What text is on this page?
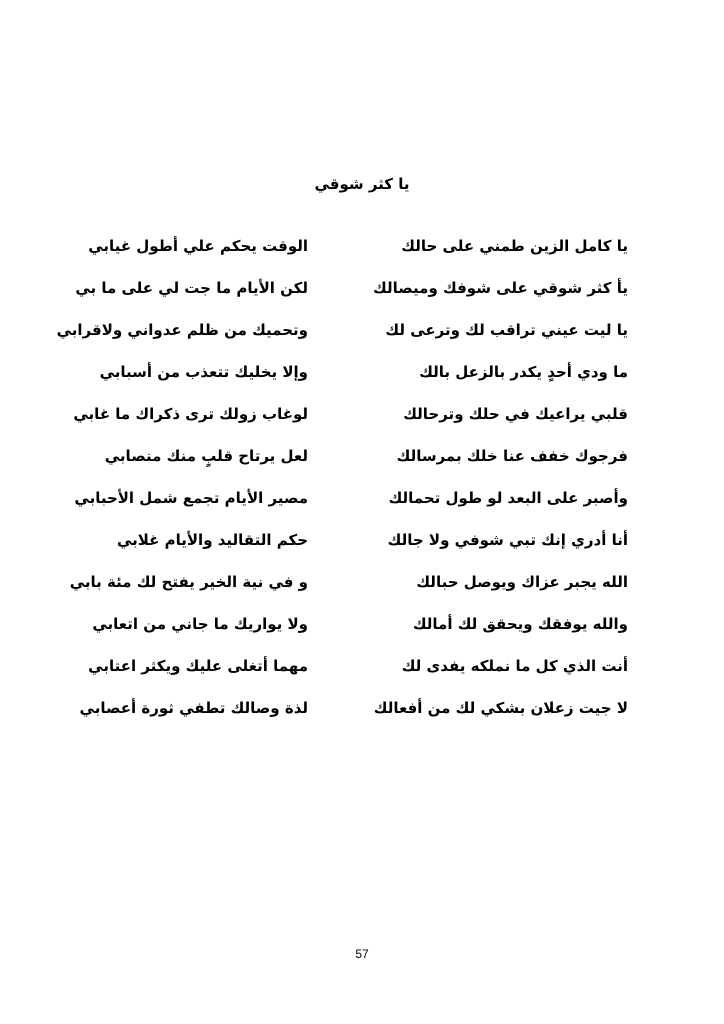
يا كثر شوقي
يا كامل الزين طمني على حالك
الوقت يحكم علي أطول غيابي
يأ كثر شوقي على شوفك وميصالك
لكن الأيام ما جت لي على ما بي
يا ليت عيني تراقب لك وترعى لك
وتحميك من ظلم عدواني ولاقرابي
ما ودي أحدٍ يكدر بالزعل بالك
وإلا يخليك تتعذب من أسبابي
قلبي يراعيك في حلك وترحالك
لوغاب زولك ترى ذكراك ما غابي
فرجوك خفف عنا خلك بمرسالك
لعل يرتاح قلبٍ منك منصابي
وأصبر على البعد لو طول تحمالك
مصير الأيام تجمع شمل الأحبابي
أنا أدري إنك تبي شوفي ولا جالك
حكم التقاليد والأيام غلابي
الله يجبر عزاك ويوصل حبالك
و في نية الخير يفتح لك مئة بابي
والله يوفقك ويحقق لك أمالك
ولا يواريك ما جاني من اتعابي
أنت الذي كل ما نملكه يفدى لك
مهما أتغلى عليك ويكثر اعتابي
لا جيت زعلان بشكي لك من أفعالك
لذة وصالك تطفي ثورة أعصابي
57
